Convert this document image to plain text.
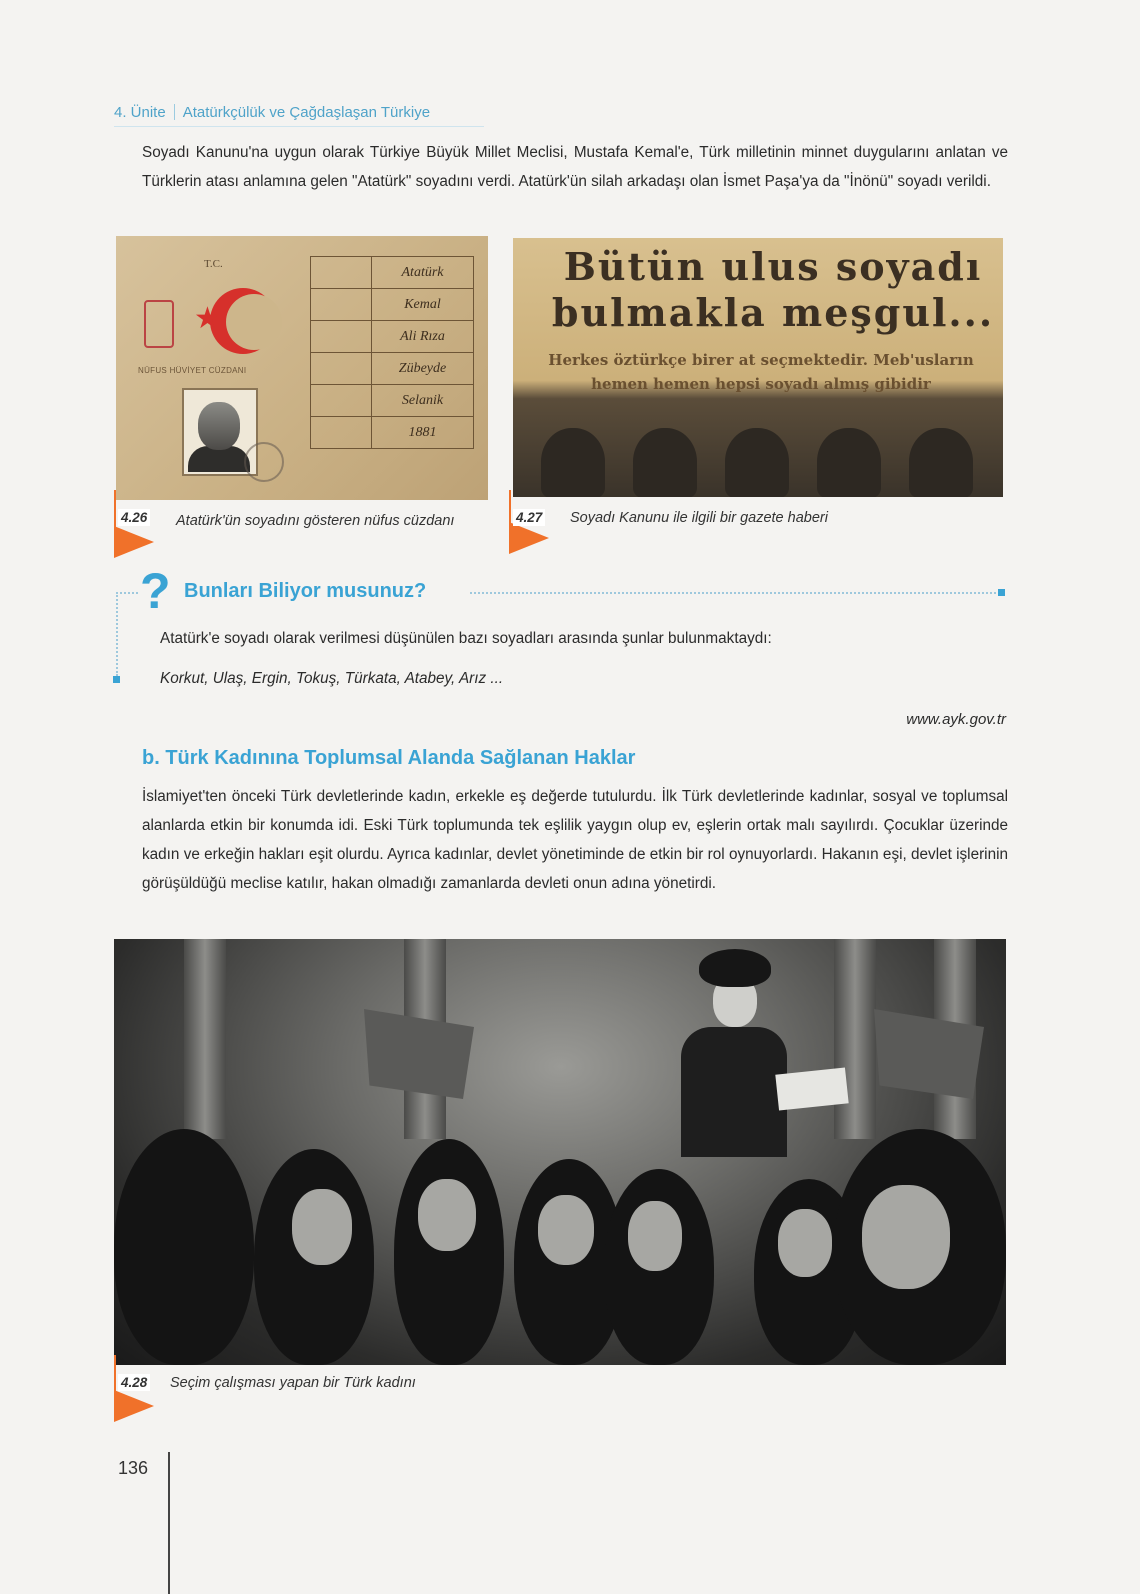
4. Ünite Atatürkçülük ve Çağdaşlaşan Türkiye
Soyadı Kanunu'na uygun olarak Türkiye Büyük Millet Meclisi, Mustafa Kemal'e, Türk milletinin minnet duygularını anlatan ve Türklerin atası anlamına gelen "Atatürk" soyadını verdi. Atatürk'ün silah arkadaşı olan İsmet Paşa'ya da "İnönü" soyadı verildi.
T.C.
★
NÜFUS HÜVİYET CÜZDANI
	Atatürk
	Kemal
	Ali Rıza
	Zübeyde
	Selanik
	1881
Bütün ulus soyadı bulmakla meşgul...
Herkes öztürkçe birer at seçmektedir. Meb'usların hemen hemen hepsi soyadı almış gibidir
4.26 Atatürk'ün soyadını gösteren nüfus cüzdanı	4.27 Soyadı Kanunu ile ilgili bir gazete haberi
? Bunları Biliyor musunuz?
Atatürk'e soyadı olarak verilmesi düşünülen bazı soyadları arasında şunlar bulunmaktaydı:
Korkut, Ulaş, Ergin, Tokuş, Türkata, Atabey, Arız ...
www.ayk.gov.tr
b. Türk Kadınına Toplumsal Alanda Sağlanan Haklar
İslamiyet'ten önceki Türk devletlerinde kadın, erkekle eş değerde tutulurdu. İlk Türk devletlerinde kadınlar, sosyal ve toplumsal alanlarda etkin bir konumda idi. Eski Türk toplumunda tek eşlilik yaygın olup ev, eşlerin ortak malı sayılırdı. Çocuklar üzerinde kadın ve erkeğin hakları eşit olurdu. Ayrıca kadınlar, devlet yönetiminde de etkin bir rol oynuyorlardı. Hakanın eşi, devlet işlerinin görüşüldüğü meclise katılır, hakan olmadığı zamanlarda devleti onun adına yönetirdi.
4.28 Seçim çalışması yapan bir Türk kadını
136
